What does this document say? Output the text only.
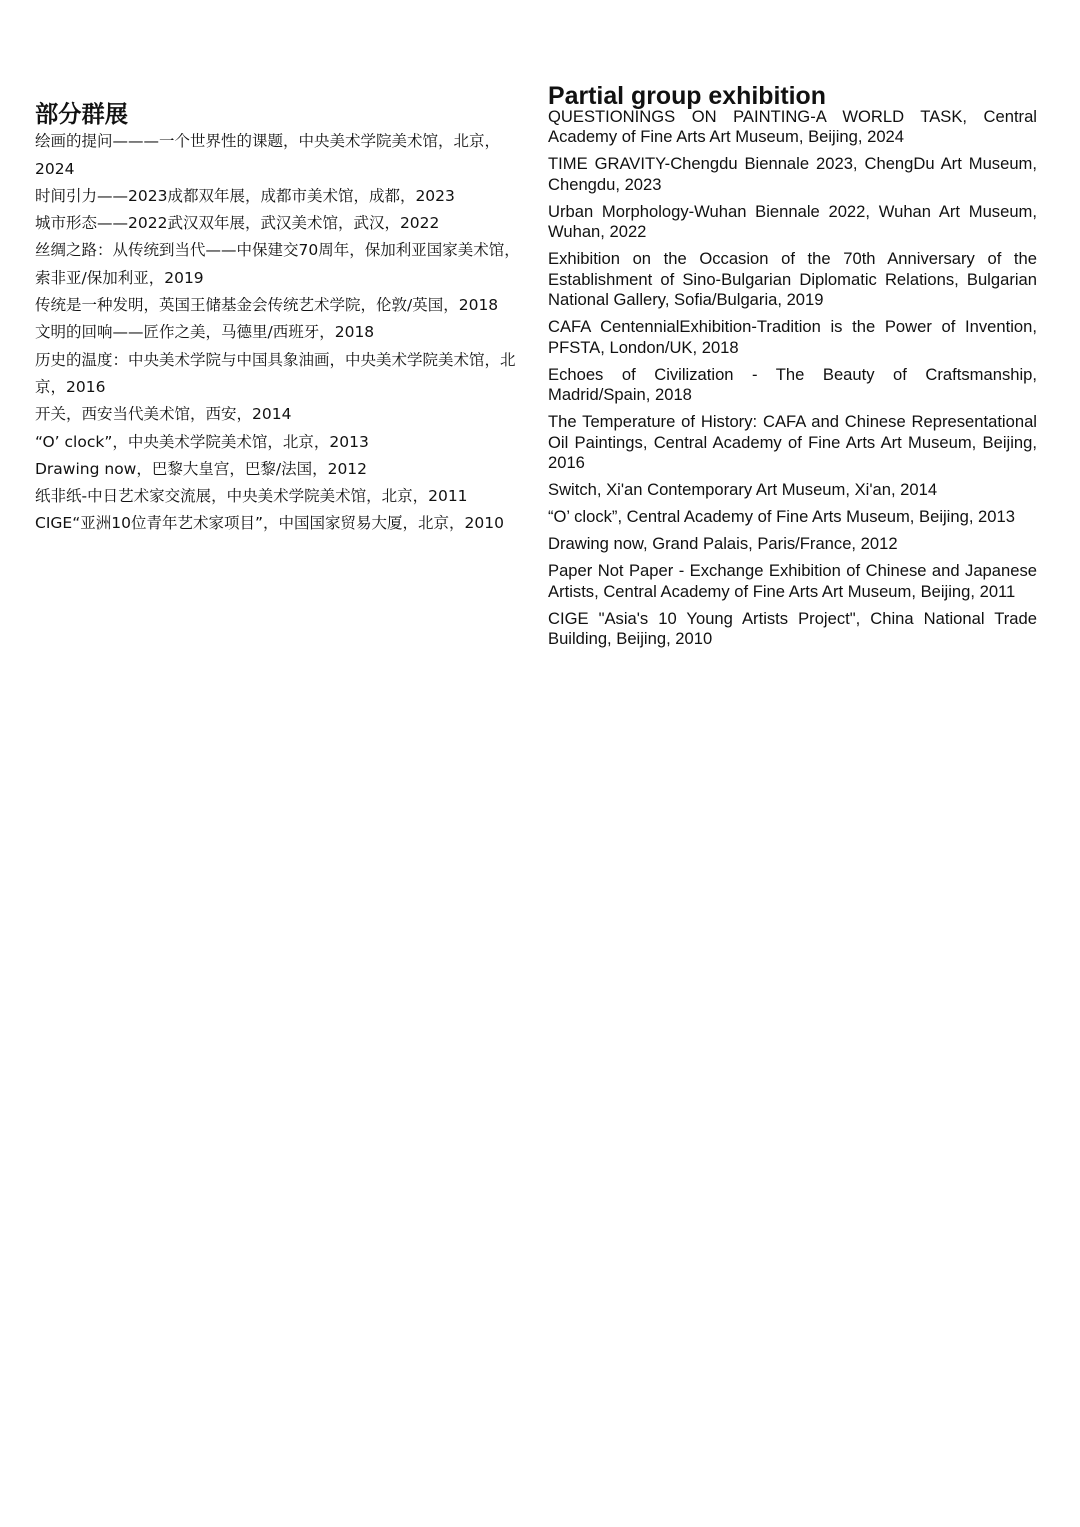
部分群展
绘画的提问———一个世界性的课题，中央美术学院美术馆，北京，2024
时间引力——2023成都双年展，成都市美术馆，成都，2023
城市形态——2022武汉双年展，武汉美术馆，武汉，2022
丝绸之路：从传统到当代——中保建交70周年，保加利亚国家美术馆，索非亚/保加利亚，2019
传统是一种发明，英国王储基金会传统艺术学院，伦敦/英国，2018
文明的回响——匠作之美，马德里/西班牙，2018
历史的温度：中央美术学院与中国具象油画，中央美术学院美术馆，北京，2016
开关，西安当代美术馆，西安，2014
“O’ clock”，中央美术学院美术馆，北京，2013
Drawing now，巴黎大皇宫，巴黎/法国，2012
纸非纸-中日艺术家交流展，中央美术学院美术馆，北京，2011
CIGE“亚洲10位青年艺术家项目”，中国国家贸易大厦，北京，2010
Partial group exhibition
QUESTIONINGS ON PAINTING-A WORLD TASK, Central Academy of Fine Arts Art Museum, Beijing, 2024
TIME GRAVITY-Chengdu Biennale 2023, ChengDu Art Museum, Chengdu, 2023
Urban Morphology-Wuhan Biennale 2022, Wuhan Art Museum, Wuhan, 2022
Exhibition on the Occasion of the 70th Anniversary of the Establishment of Sino-Bulgarian Diplomatic Relations, Bulgarian National Gallery, Sofia/Bulgaria, 2019
CAFA CentennialExhibition-Tradition is the Power of Invention, PFSTA, London/UK, 2018
Echoes of Civilization - The Beauty of Craftsmanship, Madrid/Spain, 2018
The Temperature of History: CAFA and Chinese Representational Oil Paintings, Central Academy of Fine Arts Art Museum, Beijing, 2016
Switch, Xi'an Contemporary Art Museum, Xi'an, 2014
“O’ clock”, Central Academy of Fine Arts Museum, Beijing, 2013
Drawing now, Grand Palais, Paris/France, 2012
Paper Not Paper - Exchange Exhibition of Chinese and Japanese Artists, Central Academy of Fine Arts Art Museum, Beijing, 2011
CIGE "Asia's 10 Young Artists Project", China National Trade Building, Beijing, 2010
